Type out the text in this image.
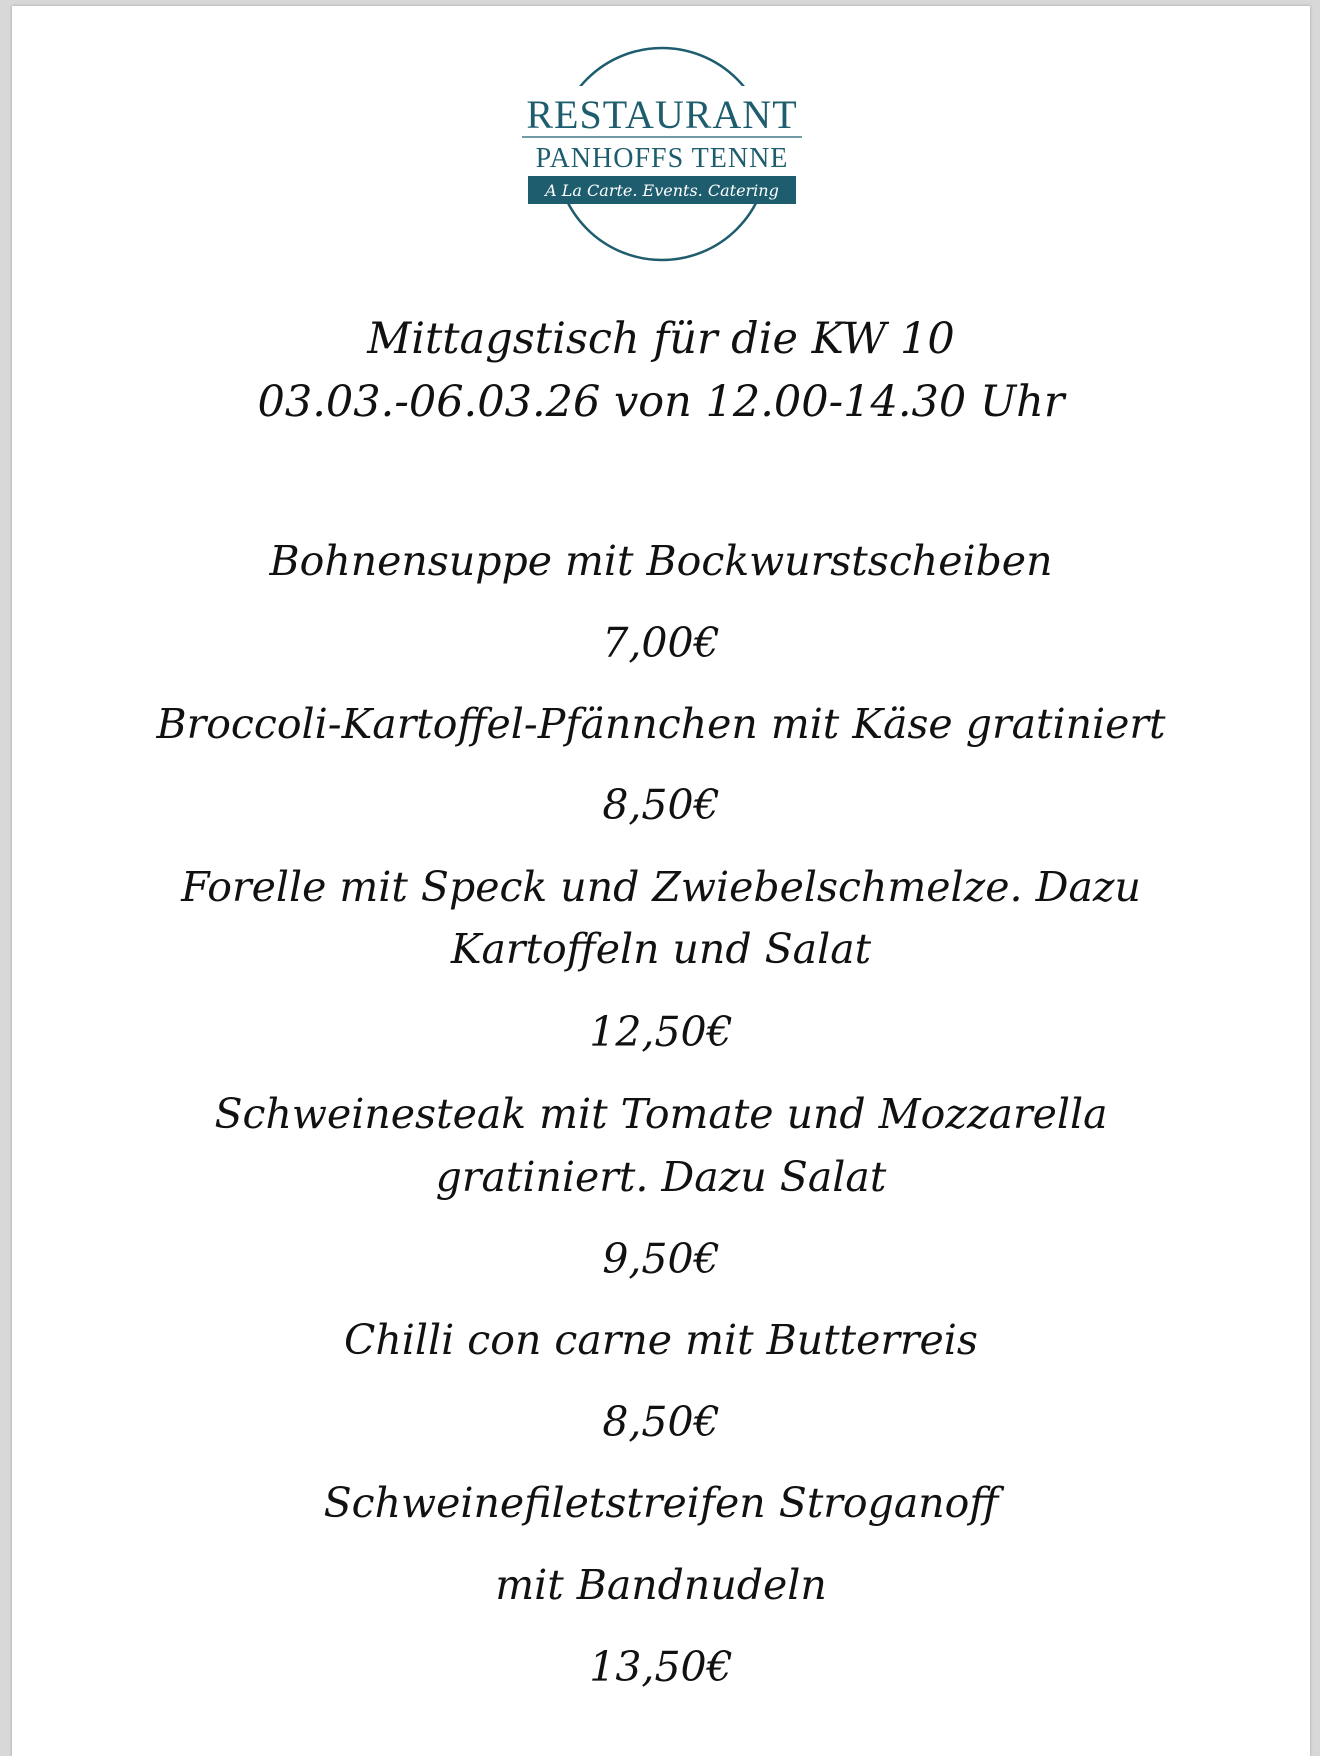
RESTAURANT
PANHOFFS TENNE
A La Carte. Events. Catering
Mittagstisch für die KW 10
03.03.-06.03.26 von 12.00-14.30 Uhr
Bohnensuppe mit Bockwurstscheiben
7,00€
Broccoli-Kartoffel-Pfännchen mit Käse gratiniert
8,50€
Forelle mit Speck und Zwiebelschmelze. Dazu
Kartoffeln und Salat
12,50€
Schweinesteak mit Tomate und Mozzarella
gratiniert. Dazu Salat
9,50€
Chilli con carne mit Butterreis
8,50€
Schweinefiletstreifen Stroganoff
mit Bandnudeln
13,50€
